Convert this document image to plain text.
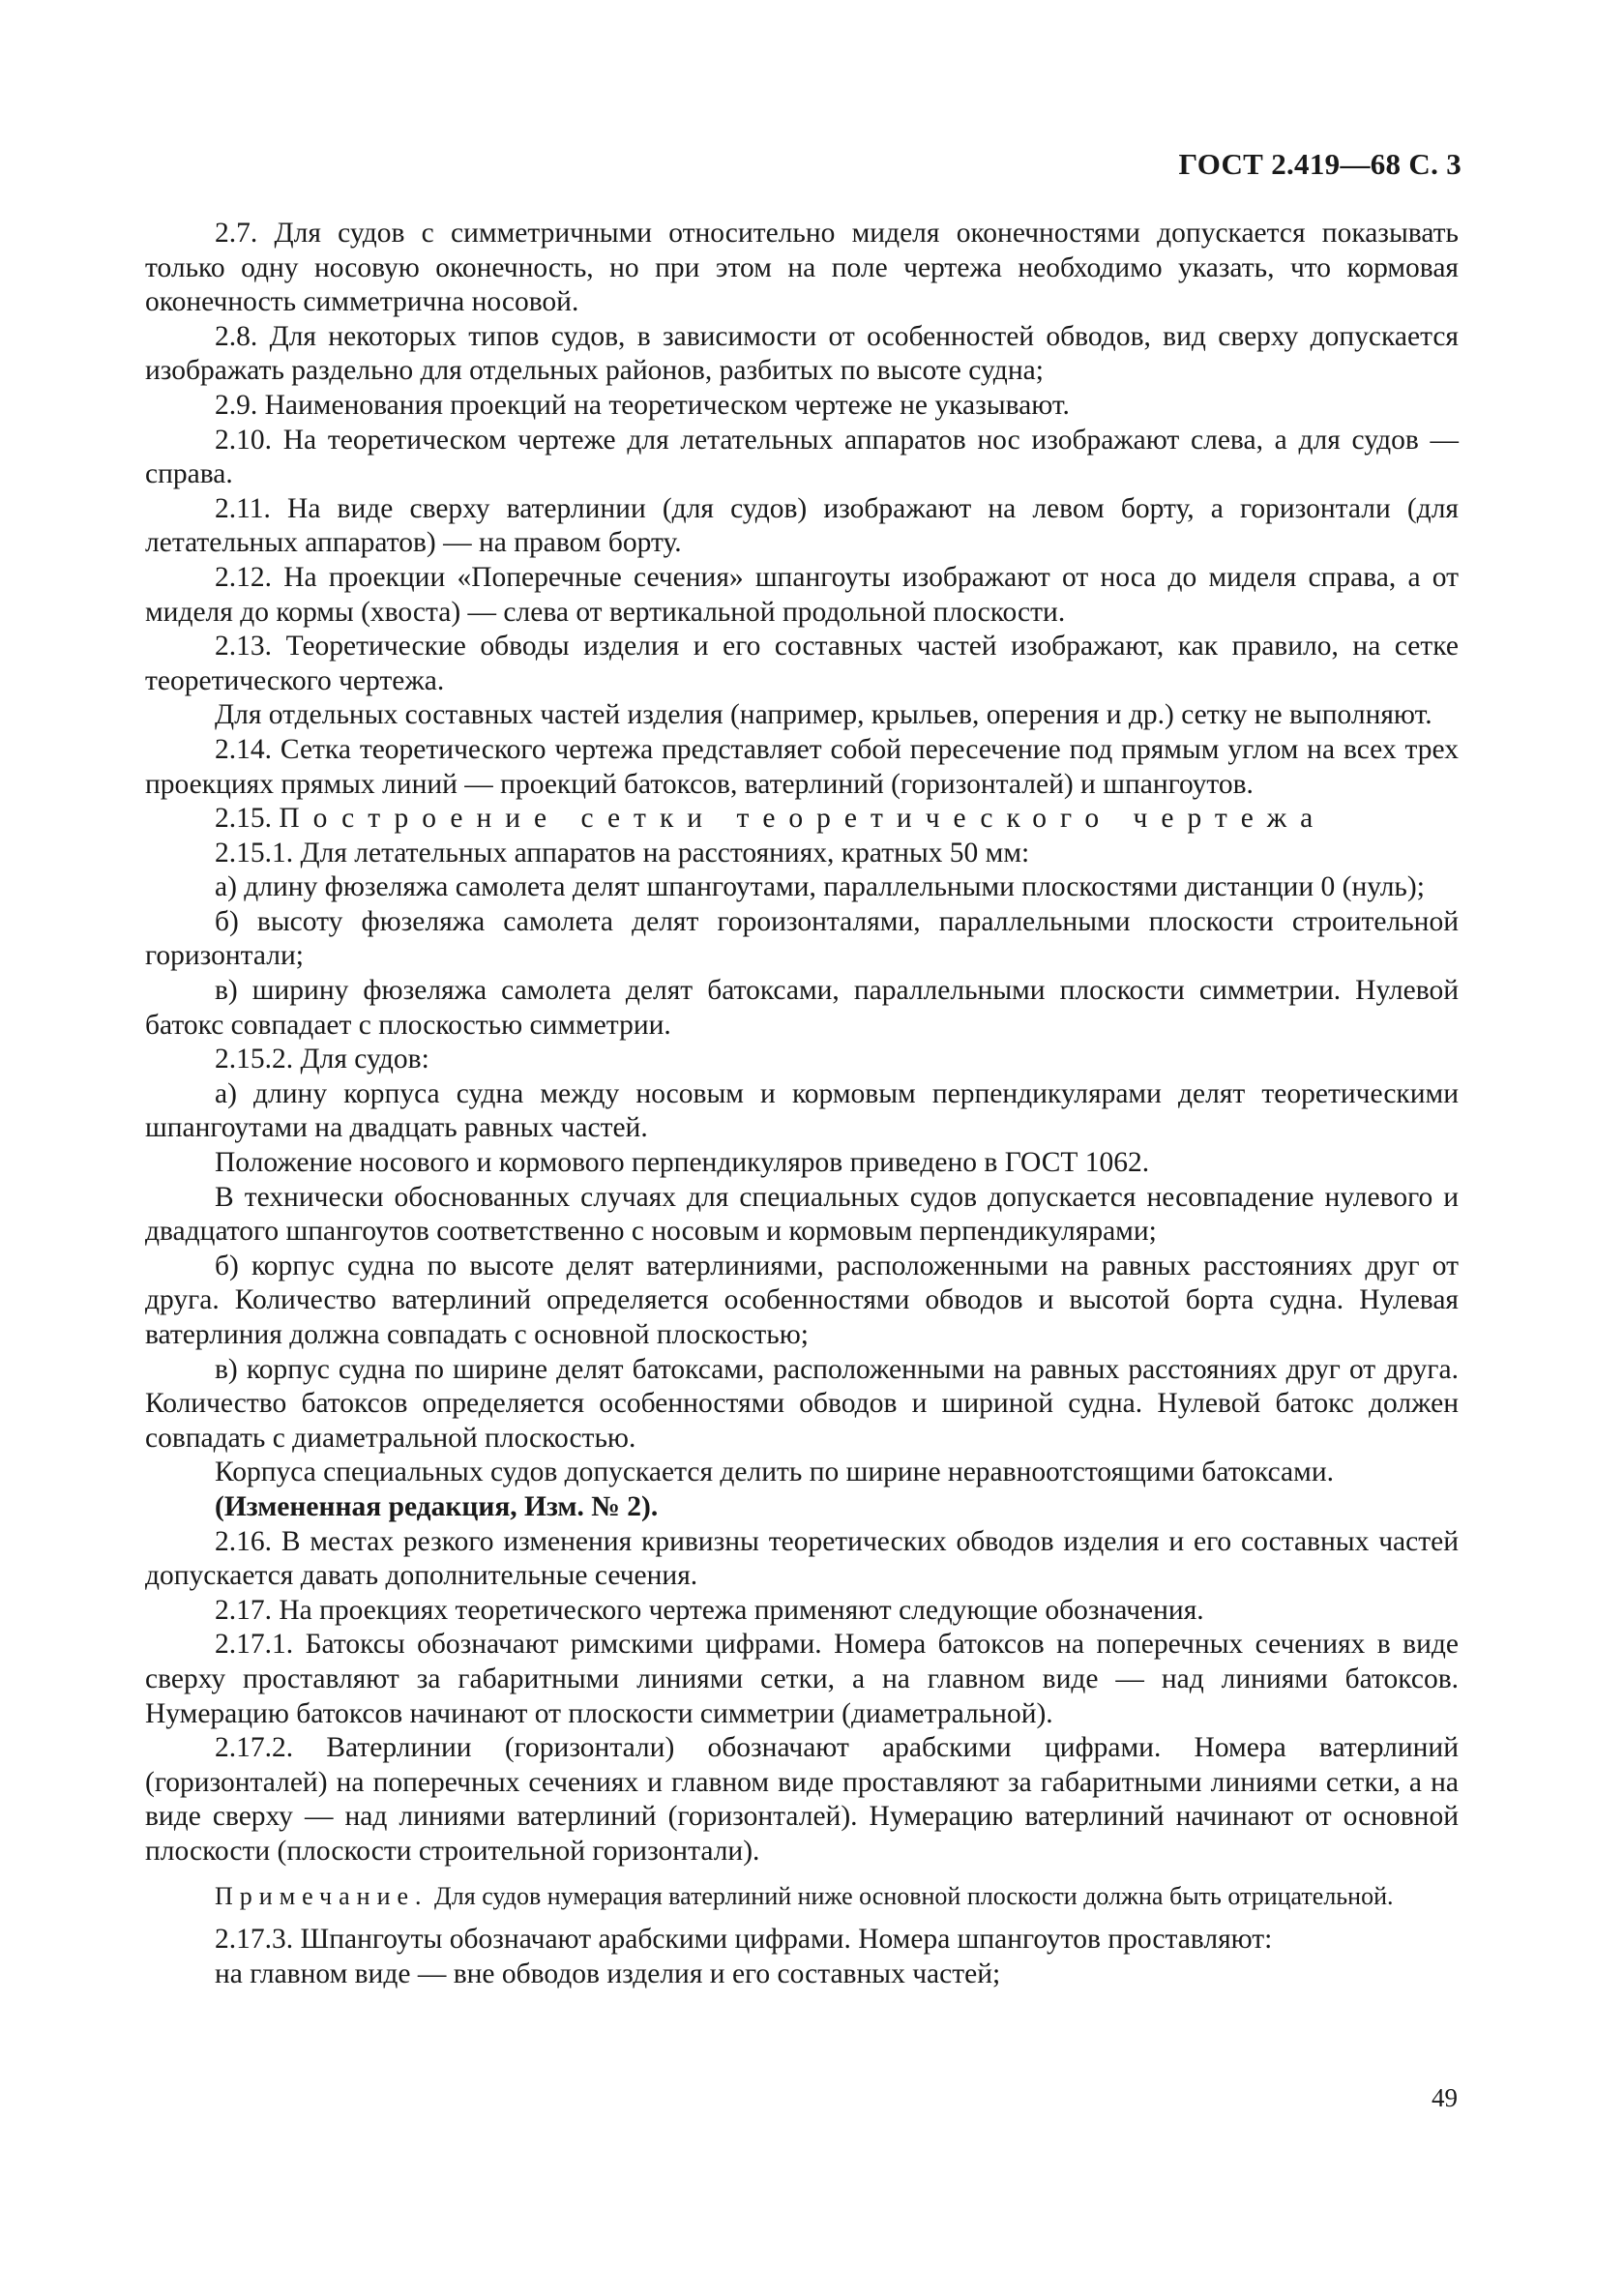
ГОСТ 2.419—68 С. 3

2.7. Для судов с симметричными относительно миделя оконечностями допускается показывать только одну носовую оконечность, но при этом на поле чертежа необходимо указать, что кормовая оконечность симметрична носовой.

2.8. Для некоторых типов судов, в зависимости от особенностей обводов, вид сверху допускается изображать раздельно для отдельных районов, разбитых по высоте судна;

2.9. Наименования проекций на теоретическом чертеже не указывают.

2.10. На теоретическом чертеже для летательных аппаратов нос изображают слева, а для судов — справа.

2.11. На виде сверху ватерлинии (для судов) изображают на левом борту, а горизонтали (для летательных аппаратов) — на правом борту.

2.12. На проекции «Поперечные сечения» шпангоуты изображают от носа до миделя справа, а от миделя до кормы (хвоста) — слева от вертикальной продольной плоскости.

2.13. Теоретические обводы изделия и его составных частей изображают, как правило, на сетке теоретического чертежа.

Для отдельных составных частей изделия (например, крыльев, оперения и др.) сетку не выполняют.

2.14. Сетка теоретического чертежа представляет собой пересечение под прямым углом на всех трех проекциях прямых линий — проекций батоксов, ватерлиний (горизонталей) и шпангоутов.

2.15. Построение сетки теоретического чертежа

2.15.1. Для летательных аппаратов на расстояниях, кратных 50 мм:

а) длину фюзеляжа самолета делят шпангоутами, параллельными плоскостями дистанции 0 (нуль);

б) высоту фюзеляжа самолета делят гороизонталями, параллельными плоскости строительной горизонтали;

в) ширину фюзеляжа самолета делят батоксами, параллельными плоскости симметрии. Нулевой батокс совпадает с плоскостью симметрии.

2.15.2. Для судов:

а) длину корпуса судна между носовым и кормовым перпендикулярами делят теоретическими шпангоутами на двадцать равных частей.

Положение носового и кормового перпендикуляров приведено в ГОСТ 1062.

В технически обоснованных случаях для специальных судов допускается несовпадение нулевого и двадцатого шпангоутов соответственно с носовым и кормовым перпендикулярами;

б) корпус судна по высоте делят ватерлиниями, расположенными на равных расстояниях друг от друга. Количество ватерлиний определяется особенностями обводов и высотой борта судна. Нулевая ватерлиния должна совпадать с основной плоскостью;

в) корпус судна по ширине делят батоксами, расположенными на равных расстояниях друг от друга. Количество батоксов определяется особенностями обводов и шириной судна. Нулевой батокс должен совпадать с диаметральной плоскостью.

Корпуса специальных судов допускается делить по ширине неравноотстоящими батоксами.

(Измененная редакция, Изм. № 2).

2.16. В местах резкого изменения кривизны теоретических обводов изделия и его составных частей допускается давать дополнительные сечения.

2.17. На проекциях теоретического чертежа применяют следующие обозначения.

2.17.1. Батоксы обозначают римскими цифрами. Номера батоксов на поперечных сечениях в виде сверху проставляют за габаритными линиями сетки, а на главном виде — над линиями батоксов. Нумерацию батоксов начинают от плоскости симметрии (диаметральной).

2.17.2. Ватерлинии (горизонтали) обозначают арабскими цифрами. Номера ватерлиний (горизонталей) на поперечных сечениях и главном виде проставляют за габаритными линиями сетки, а на виде сверху — над линиями ватерлиний (горизонталей). Нумерацию ватерлиний начинают от основной плоскости (плоскости строительной горизонтали).

Примечание. Для судов нумерация ватерлиний ниже основной плоскости должна быть отрицательной.

2.17.3. Шпангоуты обозначают арабскими цифрами. Номера шпангоутов проставляют:

на главном виде — вне обводов изделия и его составных частей;

49
